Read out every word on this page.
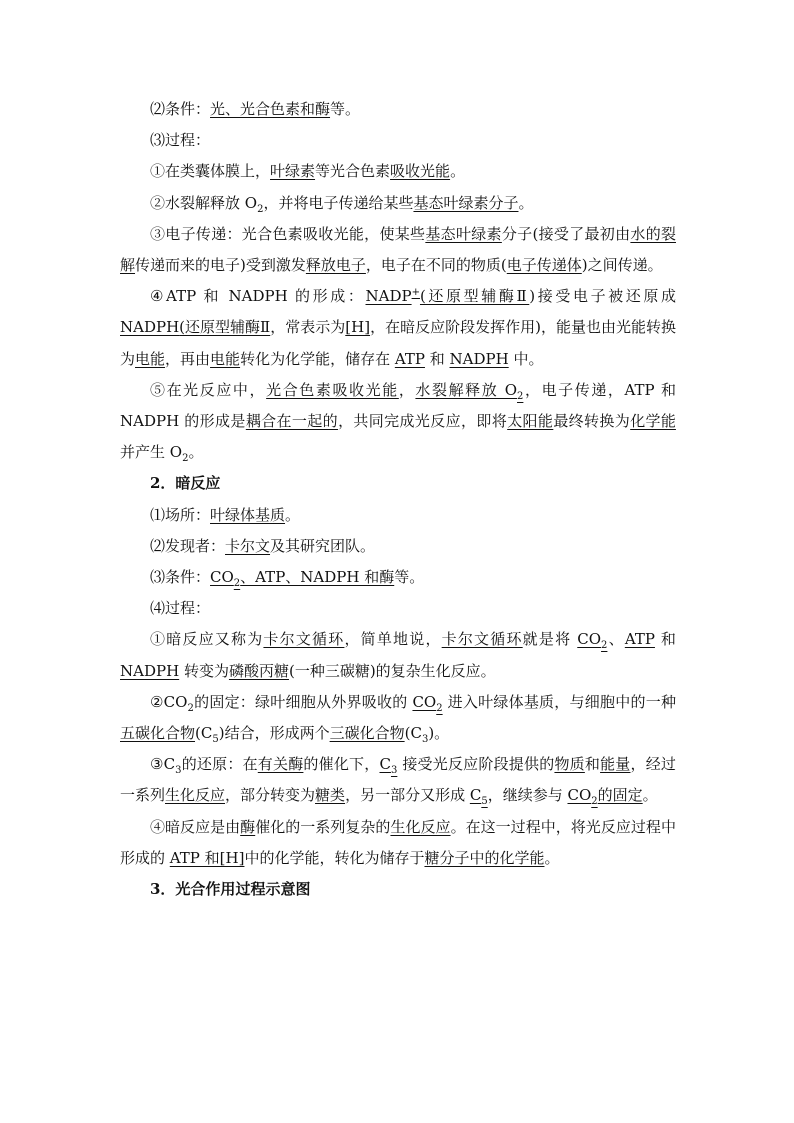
⑵条件：光、光合色素和酶等。

⑶过程：

①在类囊体膜上，叶绿素等光合色素吸收光能。

②水裂解释放 $O_2$，并将电子传递给某些基态叶绿素分子。

③电子传递：光合色素吸收光能，使某些基态叶绿素分子(接受了最初由水的裂解传递而来的电子)受到激发释放电子，电子在不同的物质(电子传递体)之间传递。

④ATP 和 NADPH 的形成：NADP+(还原型辅酶Ⅱ)接受电子被还原成NADPH(还原型辅酶Ⅱ，常表示为[H]，在暗反应阶段发挥作用)，能量也由光能转换为电能，再由电能转化为化学能，储存在 ATP 和 NADPH 中。

⑤在光反应中，光合色素吸收光能，水裂解释放 $O_2$，电子传递，ATP 和 NADPH 的形成是耦合在一起的，共同完成光反应，即将太阳能最终转换为化学能并产生 $O_2$。

2．暗反应

⑴场所：叶绿体基质。

⑵发现者：卡尔文及其研究团队。

⑶条件：$CO_2$、ATP、NADPH 和酶等。

⑷过程：

①暗反应又称为卡尔文循环，简单地说，卡尔文循环就是将 $CO_2$、ATP 和 NADPH 转变为磷酸丙糖(一种三碳糖)的复杂生化反应。

$②CO_2$的固定：绿叶细胞从外界吸收的 $CO_2$ 进入叶绿体基质，与细胞中的一种五碳化合物$(C_5)$结合，形成两个三碳化合物$(C_3)$。

$③C_3$的还原：在有关酶的催化下，$C_3$ 接受光反应阶段提供的物质和能量，经过一系列生化反应，部分转变为糖类，另一部分又形成 $C_5$，继续参与 $CO_2$的固定。

④暗反应是由酶催化的一系列复杂的生化反应。在这一过程中，将光反应过程中形成的 ATP 和[H]中的化学能，转化为储存于糖分子中的化学能。

3．光合作用过程示意图
